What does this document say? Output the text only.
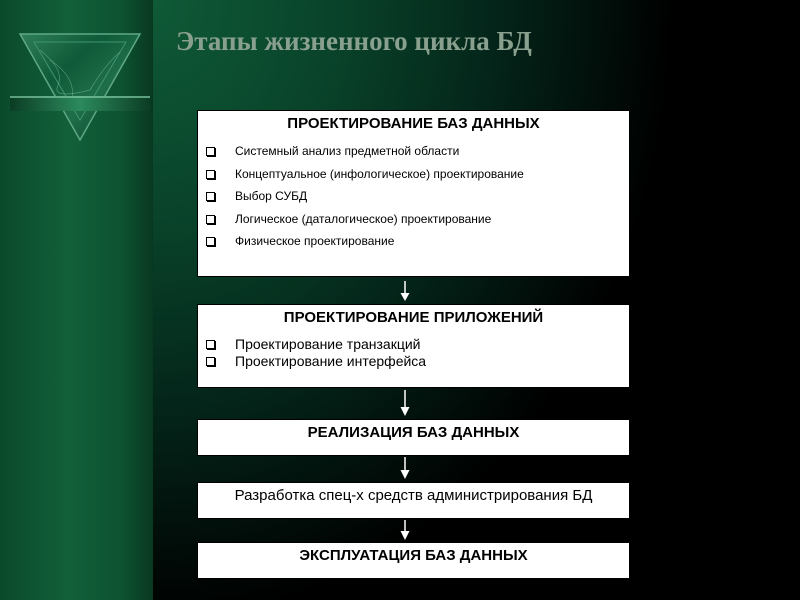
Этапы жизненного цикла БД
ПРОЕКТИРОВАНИЕ БАЗ ДАННЫХ
Системный анализ предметной области
Концептуальное (инфологическое) проектирование
Выбор СУБД
Логическое (даталогическое) проектирование
Физическое проектирование
ПРОЕКТИРОВАНИЕ ПРИЛОЖЕНИЙ
Проектирование транзакций
Проектирование интерфейса
РЕАЛИЗАЦИЯ БАЗ ДАННЫХ
Разработка спец-х средств администрирования БД
ЭКСПЛУАТАЦИЯ БАЗ ДАННЫХ
